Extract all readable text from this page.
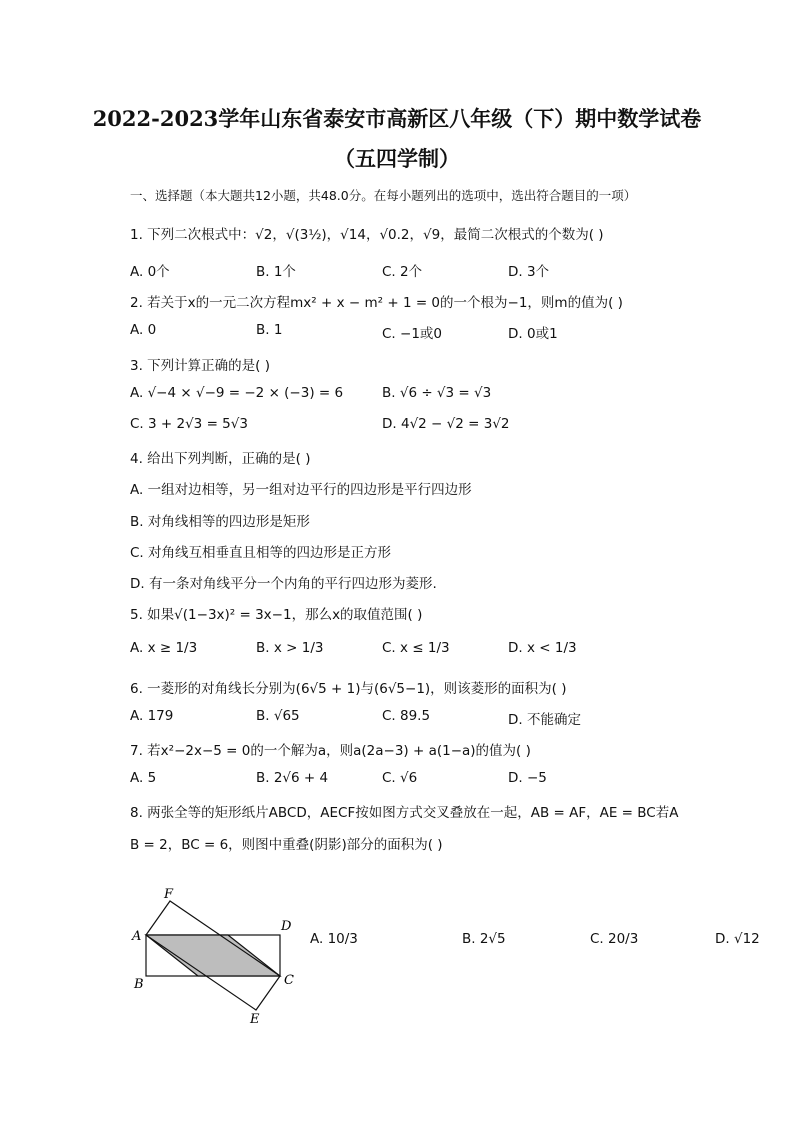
2022-2023学年山东省泰安市高新区八年级（下）期中数学试卷
（五四学制）
一、选择题（本大题共12小题，共48.0分。在每小题列出的选项中，选出符合题目的一项）
1. 下列二次根式中：√2，√(3½)，√14，√0.2，√9，最简二次根式的个数为( )
A. 0个	B. 1个	C. 2个	D. 3个
2. 若关于x的一元二次方程mx² + x − m² + 1 = 0的一个根为−1，则m的值为( )
A. 0	B. 1	C. −1或0	D. 0或1
3. 下列计算正确的是( )
A. √−4 × √−9 = −2 × (−3) = 6	B. √6 ÷ √3 = √3
C. 3 + 2√3 = 5√3	D. 4√2 − √2 = 3√2
4. 给出下列判断，正确的是( )
A. 一组对边相等，另一组对边平行的四边形是平行四边形
B. 对角线相等的四边形是矩形
C. 对角线互相垂直且相等的四边形是正方形
D. 有一条对角线平分一个内角的平行四边形为菱形.
5. 如果√(1−3x)² = 3x−1，那么x的取值范围( )
A. x ≥ 1/3	B. x > 1/3	C. x ≤ 1/3	D. x < 1/3
6. 一菱形的对角线长分别为(6√5 + 1)与(6√5−1)，则该菱形的面积为( )
A. 179	B. √65	C. 89.5	D. 不能确定
7. 若x²−2x−5 = 0的一个解为a，则a(2a−3) + a(1−a)的值为( )
A. 5	B. 2√6 + 4	C. √6	D. −5
8. 两张全等的矩形纸片ABCD，AECF按如图方式交叉叠放在一起，AB = AF，AE = BC若A
B = 2，BC = 6，则图中重叠(阴影)部分的面积为( )
A
F
D
C
B
E
A. 10/3	B. 2√5	C. 20/3	D. √12
